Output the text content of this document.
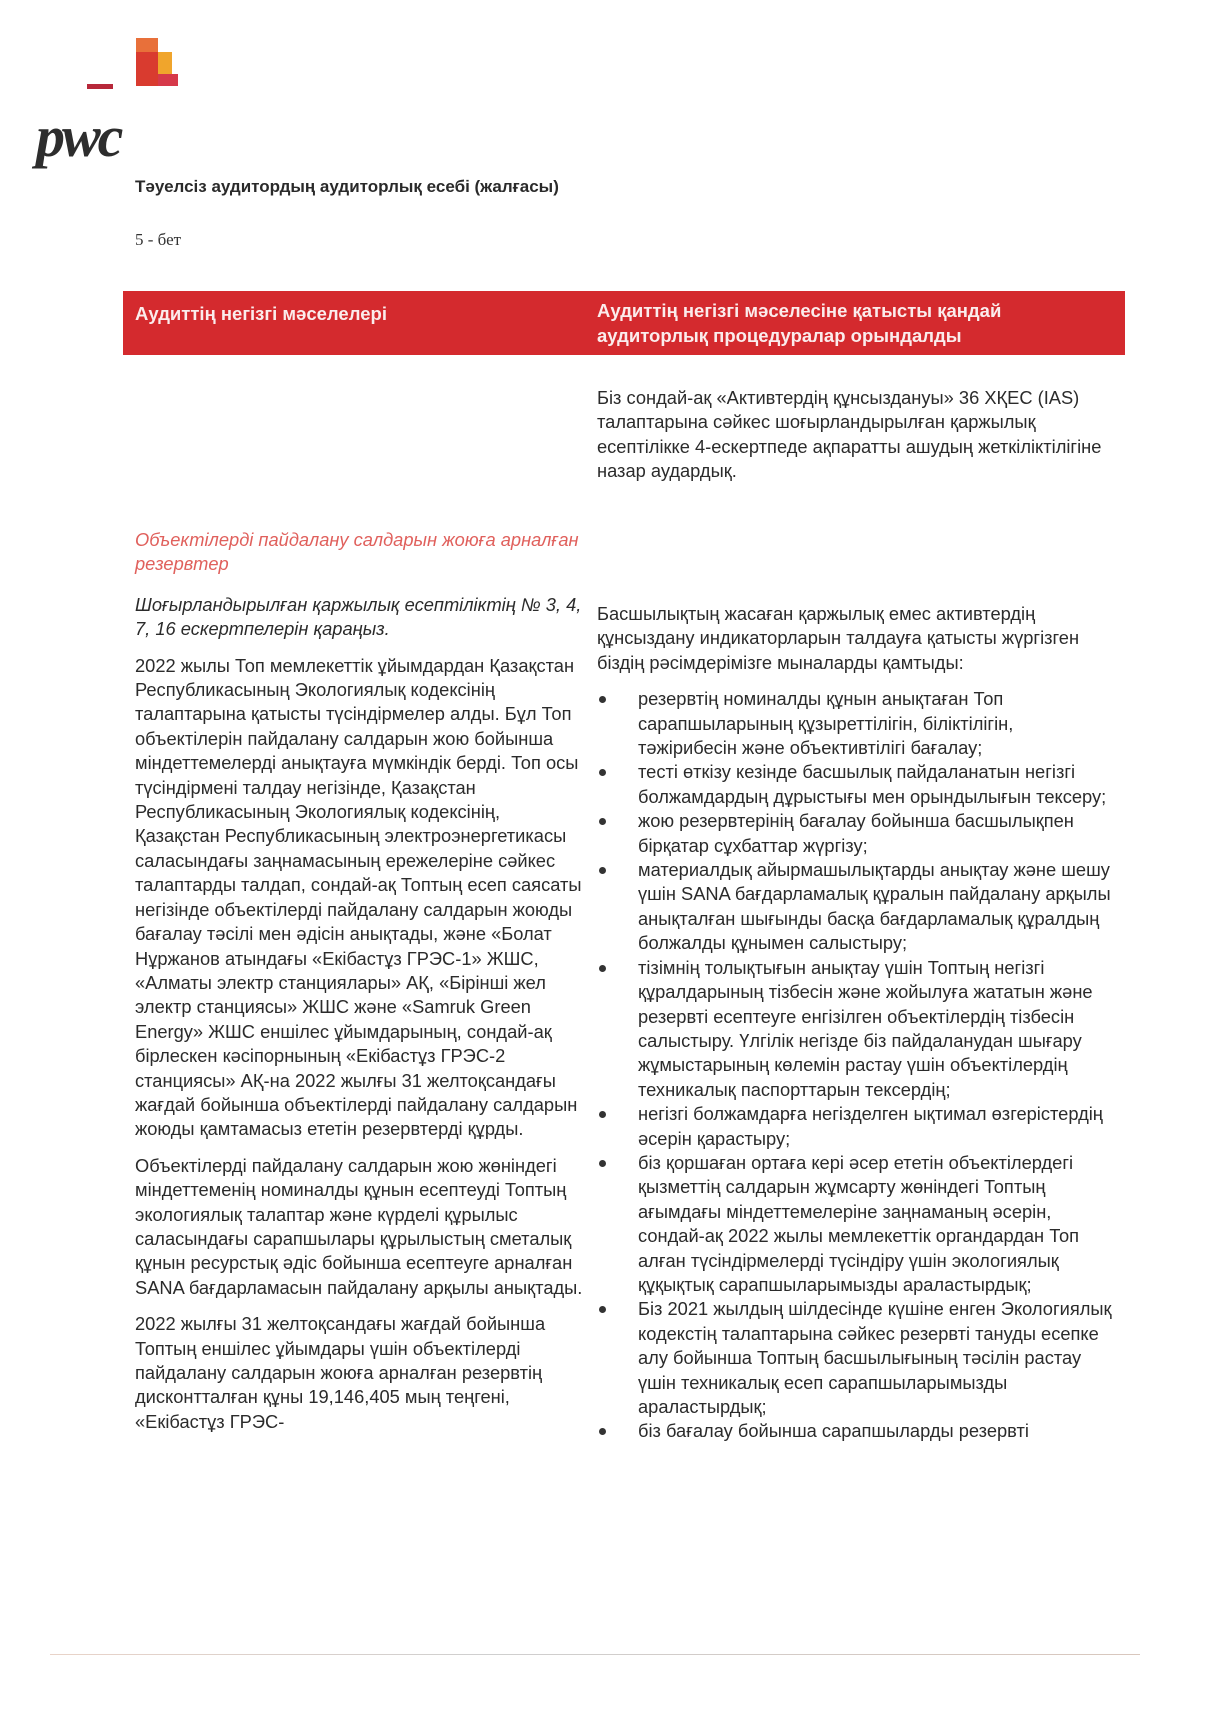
pwc
Тәуелсіз аудитордың аудиторлық есебі (жалғасы)
5 - бет
Аудиттің негізгі мәселелері	Аудиттің негізгі мәселесіне қатысты қандай аудиторлық процедуралар орындалды

Біз сондай-ақ «Активтердің құнсыздануы» 36 ХҚЕС (IAS) талаптарына сәйкес шоғырландырылған қаржылық есептілікке 4-ескертпеде ақпаратты ашудың жеткіліктілігіне назар аудардық.

Объектілерді пайдалану салдарын жоюға арналған резервтер

Шоғырландырылған қаржылық есептіліктің № 3, 4, 7, 16 ескертпелерін қараңыз.

2022 жылы Топ мемлекеттік ұйымдардан Қазақстан Республикасының Экологиялық кодексінің талаптарына қатысты түсіндірмелер алды. Бұл Топ объектілерін пайдалану салдарын жою бойынша міндеттемелерді анықтауға мүмкіндік берді. Топ осы түсіндірмені талдау негізінде, Қазақстан Республикасының Экологиялық кодексінің, Қазақстан Республикасының электроэнергетикасы саласындағы заңнамасының ережелеріне сәйкес талаптарды талдап, сондай-ақ Топтың есеп саясаты негізінде объектілерді пайдалану салдарын жоюды бағалау тәсілі мен әдісін анықтады, және «Болат Нұржанов атындағы «Екібастұз ГРЭС-1» ЖШС, «Алматы электр станциялары» АҚ, «Бірінші жел электр станциясы» ЖШС және «Samruk Green Energy» ЖШС еншілес ұйымдарының, сондай-ақ бірлескен кәсіпорнының «Екібастұз ГРЭС-2 станциясы» АҚ-на 2022 жылғы 31 желтоқсандағы жағдай бойынша объектілерді пайдалану салдарын жоюды қамтамасыз ететін резервтерді құрды.

Объектілерді пайдалану салдарын жою жөніндегі міндеттеменің номиналды құнын есептеуді Топтың экологиялық талаптар және күрделі құрылыс саласындағы сарапшылары құрылыстың сметалық құнын ресурстық әдіс бойынша есептеуге арналған SANA бағдарламасын пайдалану арқылы анықтады.

2022 жылғы 31 желтоқсандағы жағдай бойынша Топтың еншілес ұйымдары үшін объектілерді пайдалану салдарын жоюға арналған резервтің дисконтталған құны 19,146,405 мың теңгені, «Екібастұз ГРЭС-

Басшылықтың жасаған қаржылық емес активтердің құнсыздану индикаторларын талдауға қатысты жүргізген біздің рәсімдерімізге мыналарды қамтыды:

резервтің номиналды құнын анықтаған Топ сарапшыларының құзыреттілігін, біліктілігін, тәжірибесін және объективтілігі бағалау;
тесті өткізу кезінде басшылық пайдаланатын негізгі болжамдардың дұрыстығы мен орындылығын тексеру;
жою резервтерінің бағалау бойынша басшылықпен бірқатар сұхбаттар жүргізу;
материалдық айырмашылықтарды анықтау және шешу үшін SANA бағдарламалық құралын пайдалану арқылы анықталған шығынды басқа бағдарламалық құралдың болжалды құнымен салыстыру;
тізімнің толықтығын анықтау үшін Топтың негізгі құралдарының тізбесін және жойылуға жататын және резервті есептеуге енгізілген объектілердің тізбесін салыстыру. Үлгілік негізде біз пайдаланудан шығару жұмыстарының көлемін растау үшін объектілердің техникалық паспорттарын тексердің;
негізгі болжамдарға негізделген ықтимал өзгерістердің әсерін қарастыру;
біз қоршаған ортаға кері әсер ететін объектілердегі қызметтің салдарын жұмсарту жөніндегі Топтың ағымдағы міндеттемелеріне заңнаманың әсерін, сондай-ақ 2022 жылы мемлекеттік органдардан Топ алған түсіндірмелерді түсіндіру үшін экологиялық құқықтық сарапшыларымызды араластырдық;
Біз 2021 жылдың шілдесінде күшіне енген Экологиялық кодекстің талаптарына сәйкес резервті тануды есепке алу бойынша Топтың басшылығының тәсілін растау үшін техникалық есеп сарапшыларымызды араластырдық;
біз бағалау бойынша сарапшыларды резервті
